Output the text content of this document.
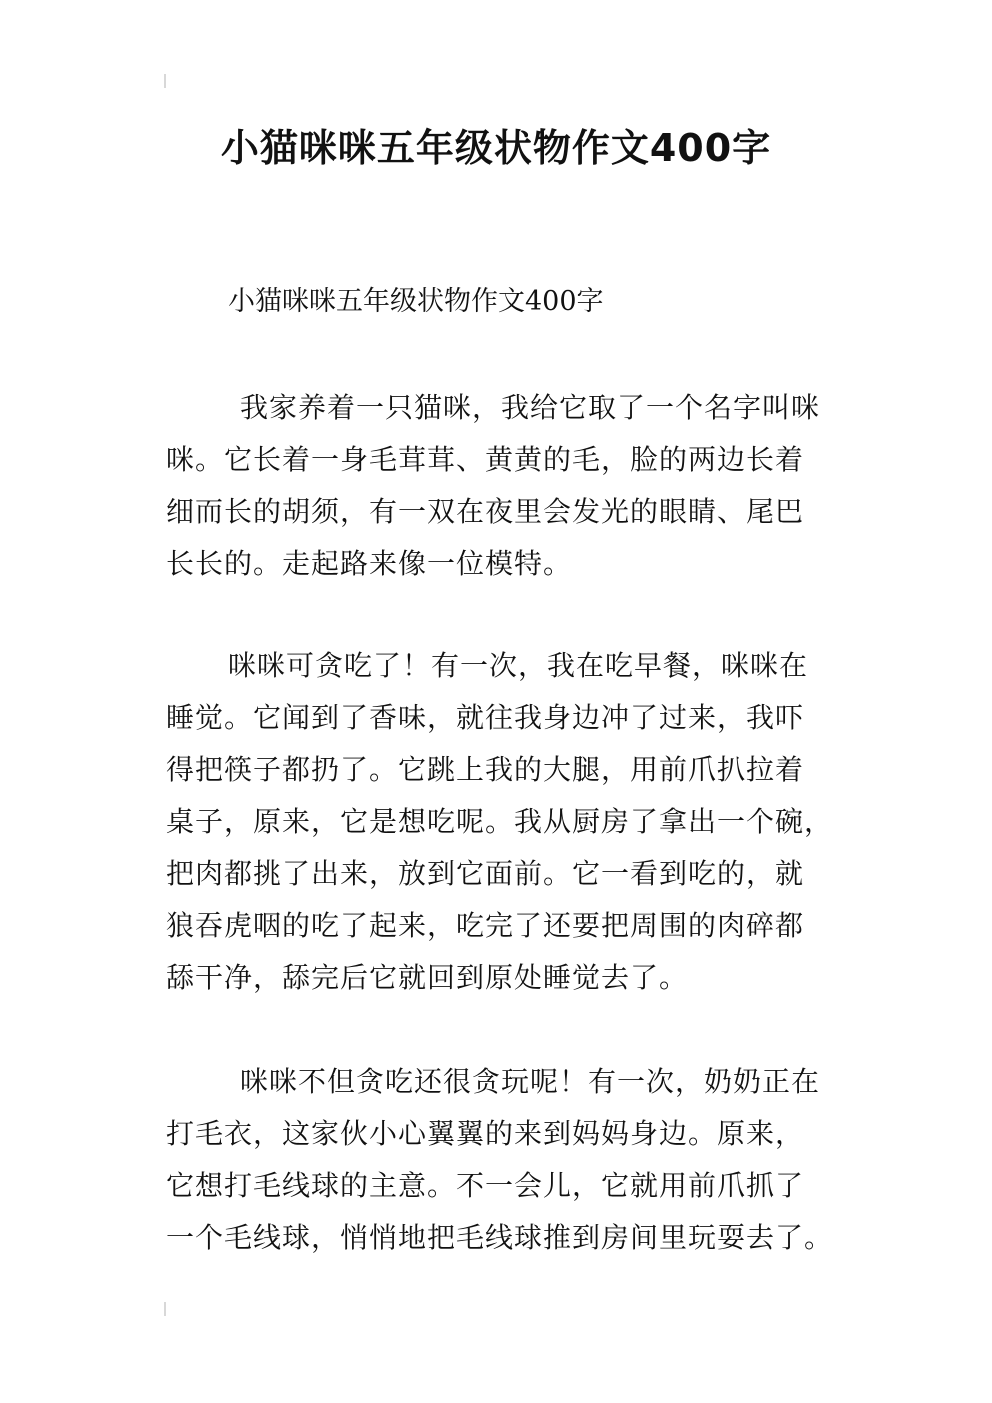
小猫咪咪五年级状物作文400字
小猫咪咪五年级状物作文400字
我家养着一只猫咪，我给它取了一个名字叫咪
咪。它长着一身毛茸茸、黄黄的毛，脸的两边长着
细而长的胡须，有一双在夜里会发光的眼睛、尾巴
长长的。走起路来像一位模特。
咪咪可贪吃了！有一次，我在吃早餐，咪咪在
睡觉。它闻到了香味，就往我身边冲了过来，我吓
得把筷子都扔了。它跳上我的大腿，用前爪扒拉着
桌子，原来，它是想吃呢。我从厨房了拿出一个碗，
把肉都挑了出来，放到它面前。它一看到吃的，就
狼吞虎咽的吃了起来，吃完了还要把周围的肉碎都
舔干净，舔完后它就回到原处睡觉去了。
咪咪不但贪吃还很贪玩呢！有一次，奶奶正在
打毛衣，这家伙小心翼翼的来到妈妈身边。原来，
它想打毛线球的主意。不一会儿，它就用前爪抓了
一个毛线球，悄悄地把毛线球推到房间里玩耍去了。
